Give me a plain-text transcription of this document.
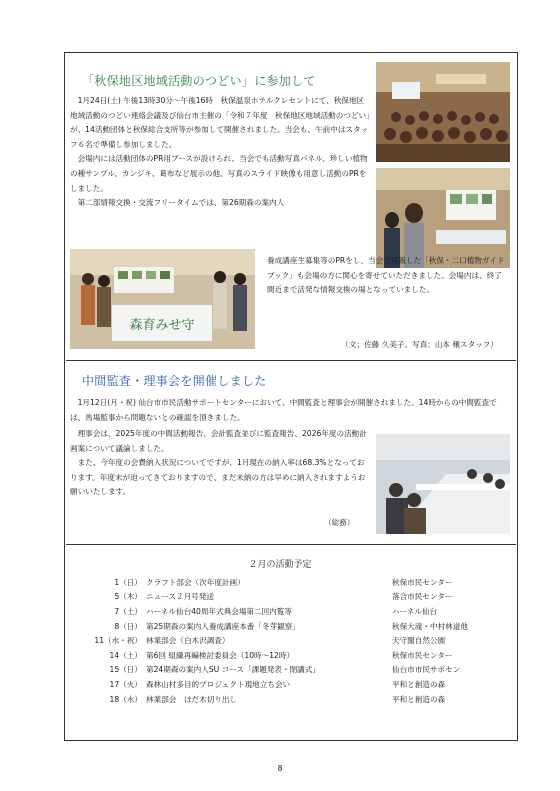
「秋保地区地域活動のつどい」に参加して

1月24日(土) 午後13時30分〜午後16時　秋保温泉ホテルクレセントにて、秋保地区地域活動のつどい連絡会議及び仙台市主催の「令和７年度　秋保地区地域活動のつどい」が、14活動団体と秋保総合支所等が参加して開催されました。当会も、午前中はスタッフ６名で準備し参加しました。

会場内には活動団体のPR用ブースが設けられ、当会でも活動写真パネル、珍しい植物の種サンプル、カンジキ、葛布など展示の他、写真のスライド映像も用意し活動のPRをしました。

第二部情報交換・交流フリータイムでは、第26期森の案内人

森育みせ守

養成講座生募集等のPRをし、当会で再販した「秋保・二口植物ガイドブック」も会場の方に関心を寄せていただきました。会場内は、終了間近まで活発な情報交換の場となっていました。

（文；佐藤 久美子、写真；山本 穣スタッフ）
中間監査・理事会を開催しました

1月12日(月・祝) 仙台市市民活動サポートセンターにおいて、中間監査と理事会が開催されました。14時からの中間監査では、馬場監事から問題ないとの確認を頂きました。

理事会は、2025年度の中間活動報告、会計監査並びに監査報告、2026年度の活動計画案について議論しました。

また、今年度の会費納入状況についてですが、1月現在の納入率は68.3%となっております。年度末が迫ってきておりますので、まだ未納の方は早めに納入されますようお願いいたします。

（総務）
２月の活動予定
1（日） クラフト部会（次年度計画）	秋保市民センター
5（木） ニュース２月号発送	落合市民センター
7（土） ハーネル仙台40周年式典会場第二回内覧等	ハーネル仙台
8（日） 第25期森の案内人養成講座本番「冬芽観察」	秋保大滝・中村林道他
11（水・祝） 林業部会（白木沢調査）	天守閣自然公園
14（土） 第6回 組織再編検討委員会（10時〜12時）	秋保市民センター
15（日） 第24期森の案内人SU コース「課題発表・閉講式」	仙台市市民サポセン
17（火） 森林山村多目的プロジェクト現地立ち会い	平和と創造の森
18（水） 林業部会　ほだ木切り出し	平和と創造の森
8
